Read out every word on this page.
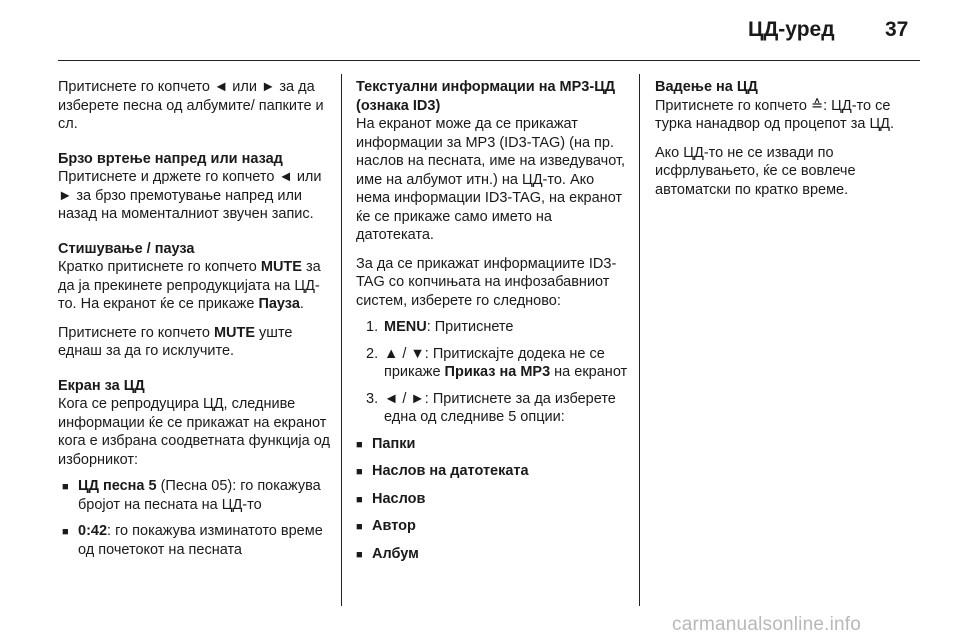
ЦД-уред 37

Притиснете го копчето ◄ или ► за да изберете песна од албумите/ папките и сл.

Брзо вртење напред или назад
Притиснете и држете го копчето ◄ или ► за брзо премотување напред или назад на моменталниот звучен запис.

Стишување / пауза
Кратко притиснете го копчето MUTE за да ја прекинете репродукцијата на ЦД-то. На екранот ќе се прикаже Пауза.

Притиснете го копчето MUTE уште еднаш за да го исклучите.

Екран за ЦД
Кога се репродуцира ЦД, следниве информации ќе се прикажат на екранот кога е избрана соодветната функција од изборникот:

■ ЦД песна 5 (Песна 05): го покажува бројот на песната на ЦД-то
■ 0:42: го покажува изминатото време од почетокот на песната

Текстуални информации на МР3-ЦД (ознака ID3)
На екранот може да се прикажат информации за МР3 (ID3-TAG) (на пр. наслов на песната, име на изведувачот, име на албумот итн.) на ЦД-то. Ако нема информации ID3-TAG, на екранот ќе се прикаже само името на датотеката.

За да се прикажат информациите ID3-TAG со копчињата на инфозабавниот систем, изберете го следново:

1. MENU: Притиснете
2. ▲ / ▼: Притискајте додека не се прикаже Приказ на МР3 на екранот
3. ◄ / ►: Притиснете за да изберете една од следниве 5 опции:
■ Папки
■ Наслов на датотеката
■ Наслов
■ Автор
■ Албум

Вадење на ЦД
Притиснете го копчето ≙: ЦД-то се турка нанадвор од процепот за ЦД.

Ако ЦД-то не се извади по исфрлувањето, ќе се вовлече автоматски по кратко време.

carmanualsonline.info
